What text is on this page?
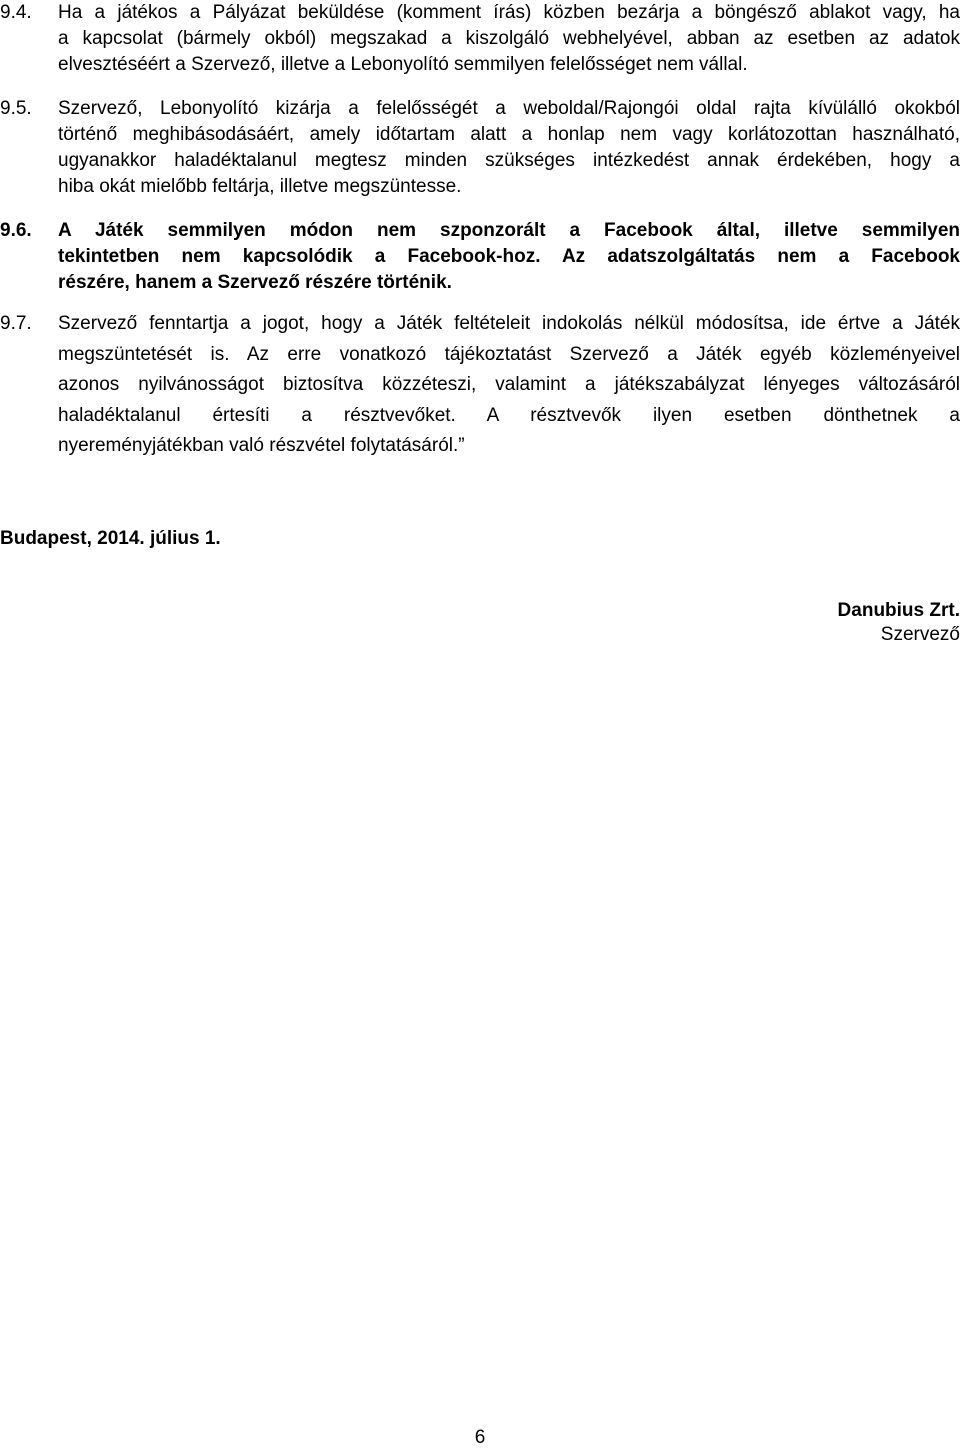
9.4. Ha a játékos a Pályázat beküldése (komment írás) közben bezárja a böngésző ablakot vagy, ha
a kapcsolat (bármely okból) megszakad a kiszolgáló webhelyével, abban az esetben az adatok
elvesztéséért a Szervező, illetve a Lebonyolító semmilyen felelősséget nem vállal.
9.5. Szervező, Lebonyolító kizárja a felelősségét a weboldal/Rajongói oldal rajta kívülálló okokból
történő meghibásodásáért, amely időtartam alatt a honlap nem vagy korlátozottan használható,
ugyanakkor haladéktalanul megtesz minden szükséges intézkedést annak érdekében, hogy a
hiba okát mielőbb feltárja, illetve megszüntesse.
9.6. A Játék semmilyen módon nem szponzorált a Facebook által, illetve semmilyen
tekintetben nem kapcsolódik a Facebook-hoz. Az adatszolgáltatás nem a Facebook
részére, hanem a Szervező részére történik.
9.7. Szervező fenntartja a jogot, hogy a Játék feltételeit indokolás nélkül módosítsa, ide értve a Játék
megszüntetését is. Az erre vonatkozó tájékoztatást Szervező a Játék egyéb közleményeivel
azonos nyilvánosságot biztosítva közzéteszi, valamint a játékszabályzat lényeges változásáról
haladéktalanul értesíti a résztvevőket. A résztvevők ilyen esetben dönthetnek a
nyereményjátékban való részvétel folytatásáról.”
Budapest, 2014. július 1.
Danubius Zrt.
Szervező
6
